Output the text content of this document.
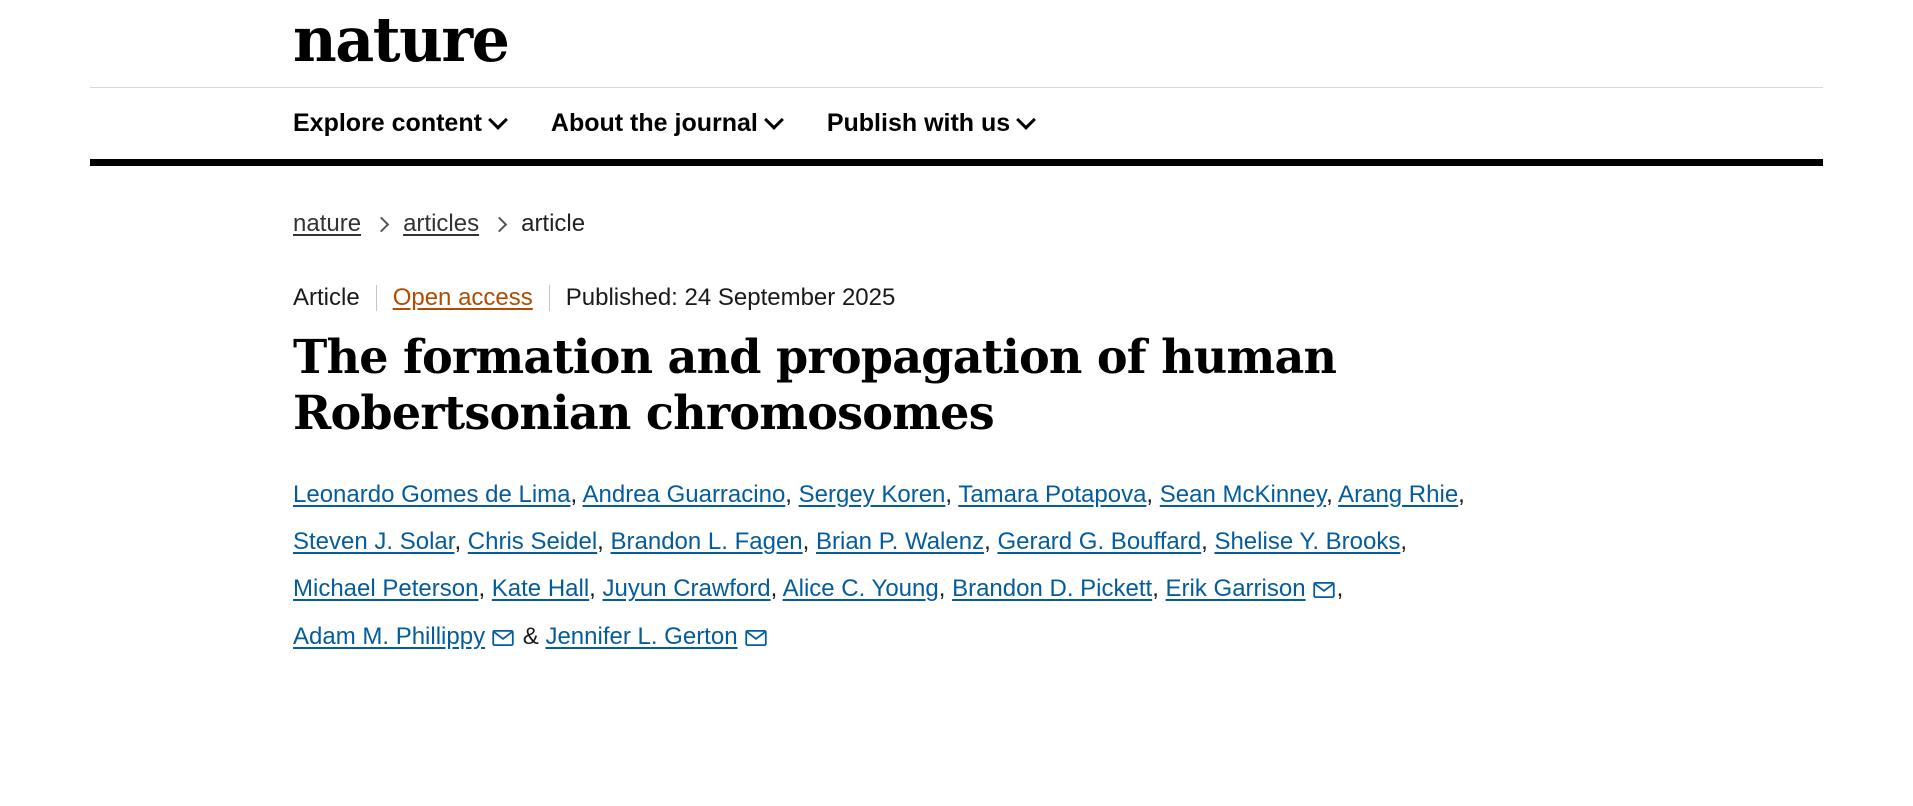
nature
Explore content	About the journal	Publish with us
nature articles article
Article Open access Published: 24 September 2025
The formation and propagation of human Robertsonian chromosomes
Leonardo Gomes de Lima, Andrea Guarracino, Sergey Koren, Tamara Potapova, Sean McKinney, Arang Rhie, Steven J. Solar, Chris Seidel, Brandon L. Fagen, Brian P. Walenz, Gerard G. Bouffard, Shelise Y. Brooks, Michael Peterson, Kate Hall, Juyun Crawford, Alice C. Young, Brandon D. Pickett, Erik Garrison , Adam M. Phillippy
& Jennifer L. Gerton
